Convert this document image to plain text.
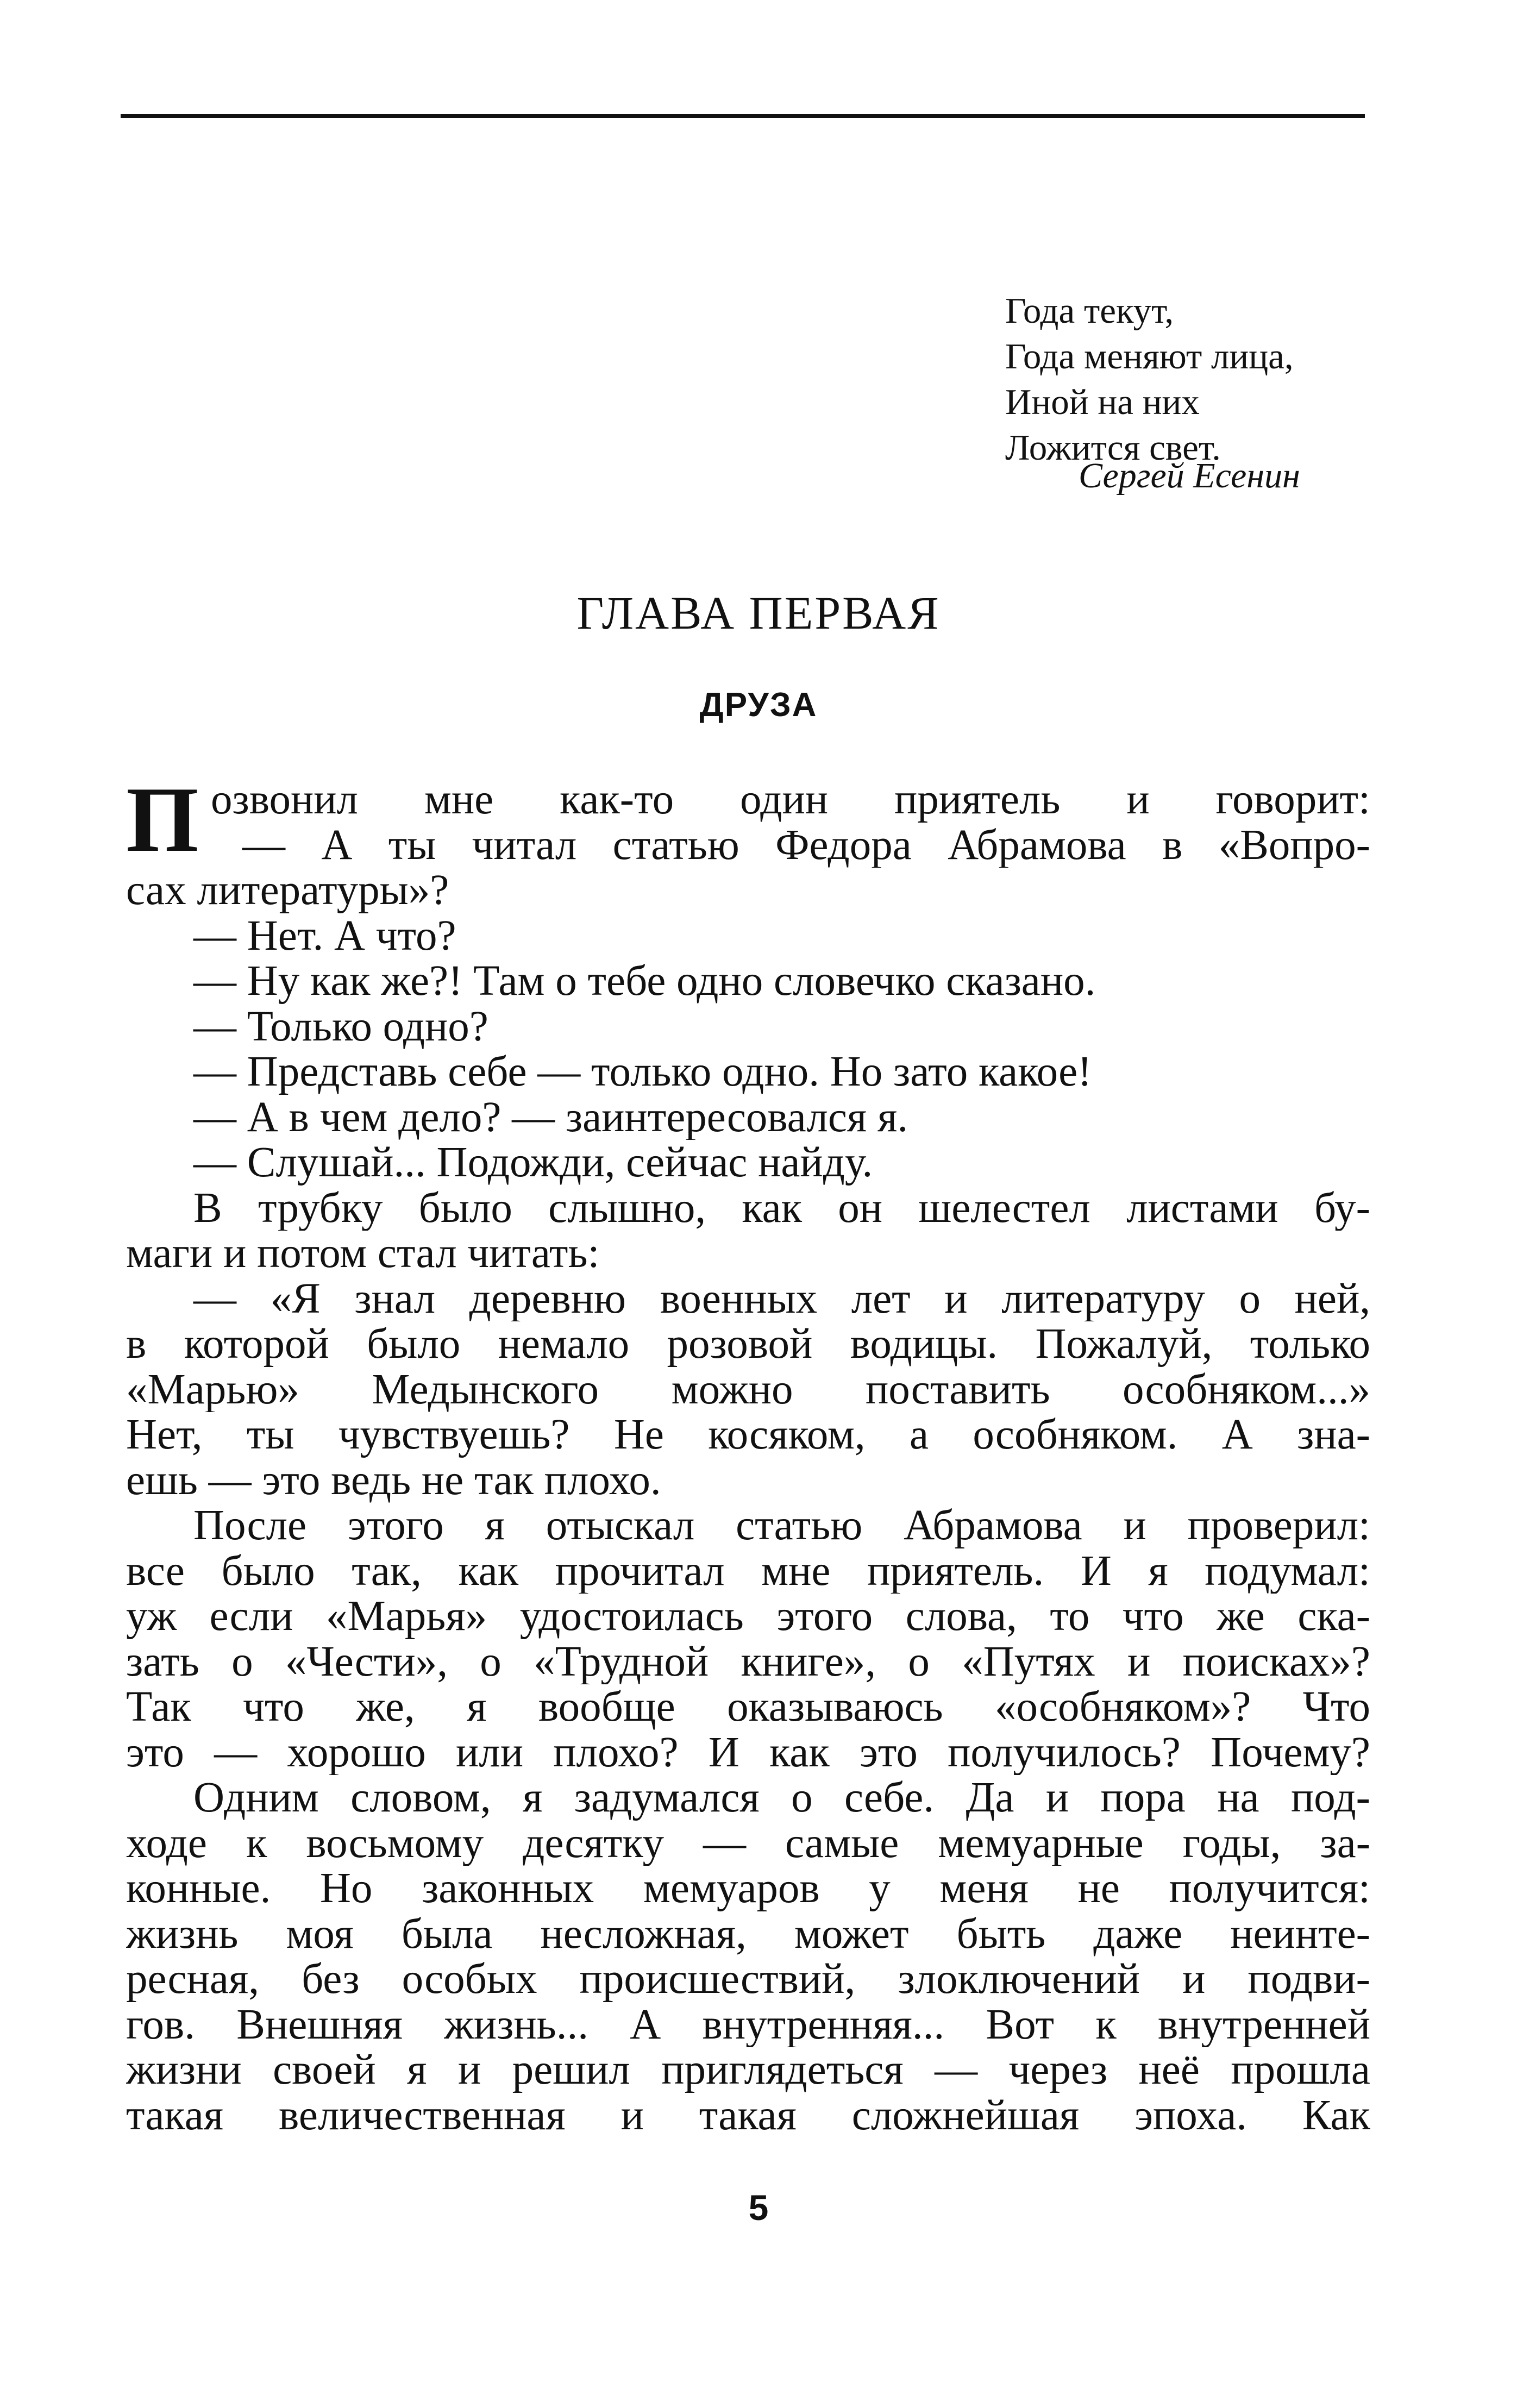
Года текут,
Года меняют лица,
Иной на них
Ложится свет.
Сергей Есенин
ГЛАВА ПЕРВАЯ
ДРУЗА
П озвонил мне как-то один приятель и говорит:
— А ты читал статью Федора Абрамова в «Вопро-
сах литературы»?
— Нет. А что?
— Ну как же?! Там о тебе одно словечко сказано.
— Только одно?
— Представь себе — только одно. Но зато какое!
— А в чем дело? — заинтересовался я.
— Слушай... Подожди, сейчас найду.
В трубку было слышно, как он шелестел листами бу-
маги и потом стал читать:
— «Я знал деревню военных лет и литературу о ней,
в которой было немало розовой водицы. Пожалуй, только
«Марью» Медынского можно поставить особняком...»
Нет, ты чувствуешь? Не косяком, а особняком. А зна-
ешь — это ведь не так плохо.
После этого я отыскал статью Абрамова и проверил:
все было так, как прочитал мне приятель. И я подумал:
уж если «Марья» удостоилась этого слова, то что же ска-
зать о «Чести», о «Трудной книге», о «Путях и поисках»?
Так что же, я вообще оказываюсь «особняком»? Что
это — хорошо или плохо? И как это получилось? Почему?
Одним словом, я задумался о себе. Да и пора на под-
ходе к восьмому десятку — самые мемуарные годы, за-
конные. Но законных мемуаров у меня не получится:
жизнь моя была несложная, может быть даже неинте-
ресная, без особых происшествий, злоключений и подви-
гов. Внешняя жизнь... А внутренняя... Вот к внутренней
жизни своей я и решил приглядеться — через неё прошла
такая величественная и такая сложнейшая эпоха. Как
5
